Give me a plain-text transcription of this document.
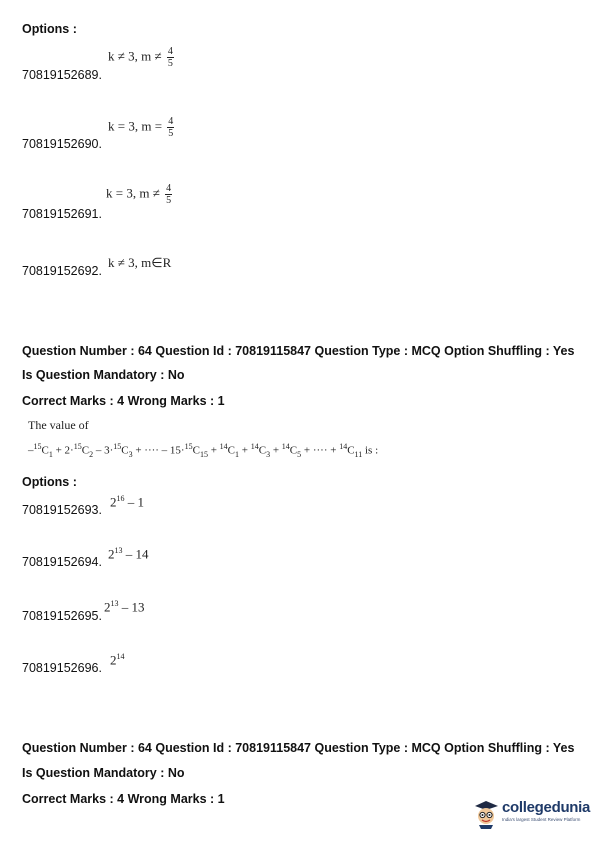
Options :
k ≠ 3, $m \ne \frac{4}{5}$
70819152689.
k = 3, $m = \frac{4}{5}$
70819152690.
k = 3, $m \ne \frac{4}{5}$
70819152691.
k ≠ 3, m∈R
70819152692.
Question Number : 64 Question Id : 70819115847 Question Type : MCQ Option Shuffling : Yes
Is Question Mandatory : No
Correct Marks : 4 Wrong Marks : 1
The value of
$-^{15}C_1 + 2\cdot^{15}C_2 - 3\cdot^{15}C_3$ + ···· – $15\cdot^{15}C_{15} + ^{14}C_1 + ^{14}C_3 + ^{14}C_5$ + ···· + $^{14}C_{11}$ is :
Options :
70819152693.
$2^{16} - 1$
70819152694.
$2^{13} - 14$
70819152695.
$2^{13} - 13$
70819152696.
$2^{14}$
Question Number : 64 Question Id : 70819115847 Question Type : MCQ Option Shuffling : Yes
Is Question Mandatory : No
Correct Marks : 4 Wrong Marks : 1	collegedunia
India's largest Student Review Platform
